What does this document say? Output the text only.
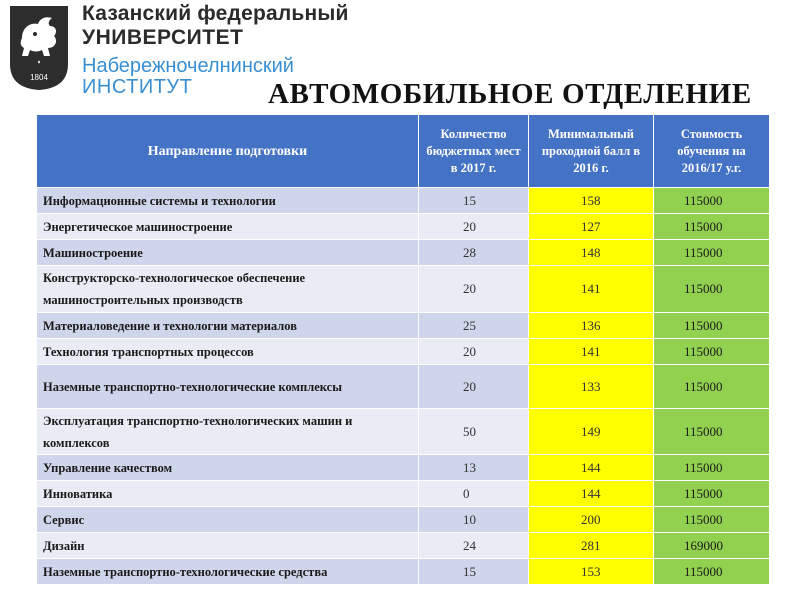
1804
Казанский федеральный
УНИВЕРСИТЕТ
Набережночелнинский
ИНСТИТУТ	АВТОМОБИЛЬНОЕ ОТДЕЛЕНИЕ
Направление подготовки	Количество бюджетных мест в 2017 г.	Минимальный проходной балл в 2016 г.	Стоимость обучения на 2016/17 у.г.
Информационные системы и технологии	15	158	115000
Энергетическое машиностроение	20	127	115000
Машиностроение	28	148	115000
Конструкторско-технологическое обеспечение машиностроительных производств	20	141	115000
Материаловедение и технологии материалов	25	136	115000
Технология транспортных процессов	20	141	115000
Наземные транспортно-технологические комплексы	20	133	115000
Эксплуатация транспортно-технологических машин и комплексов	50	149	115000
Управление качеством	13	144	115000
Инноватика	0	144	115000
Сервис	10	200	115000
Дизайн	24	281	169000
Наземные транспортно-технологические средства	15	153	115000
